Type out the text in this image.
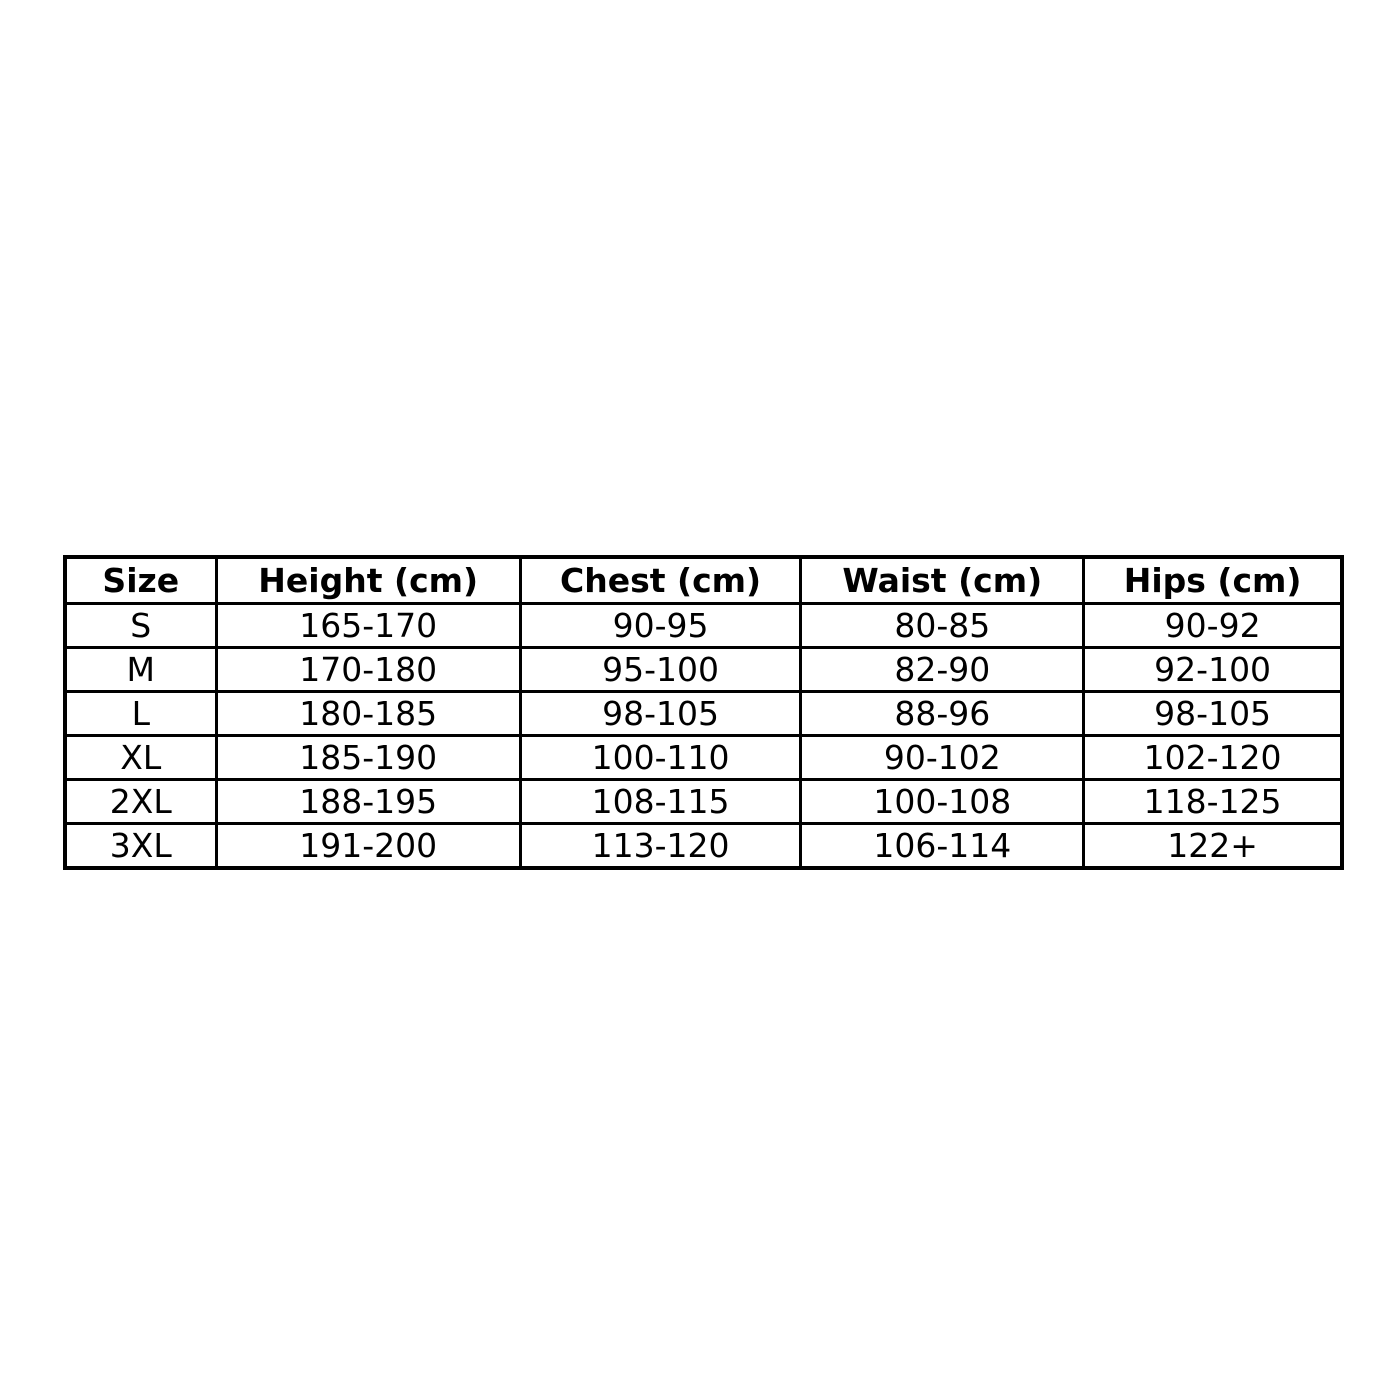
Size	Height (cm)	Chest (cm)	Waist (cm)	Hips (cm)
S	165-170	90-95	80-85	90-92
M	170-180	95-100	82-90	92-100
L	180-185	98-105	88-96	98-105
XL	185-190	100-110	90-102	102-120
2XL	188-195	108-115	100-108	118-125
3XL	191-200	113-120	106-114	122+
